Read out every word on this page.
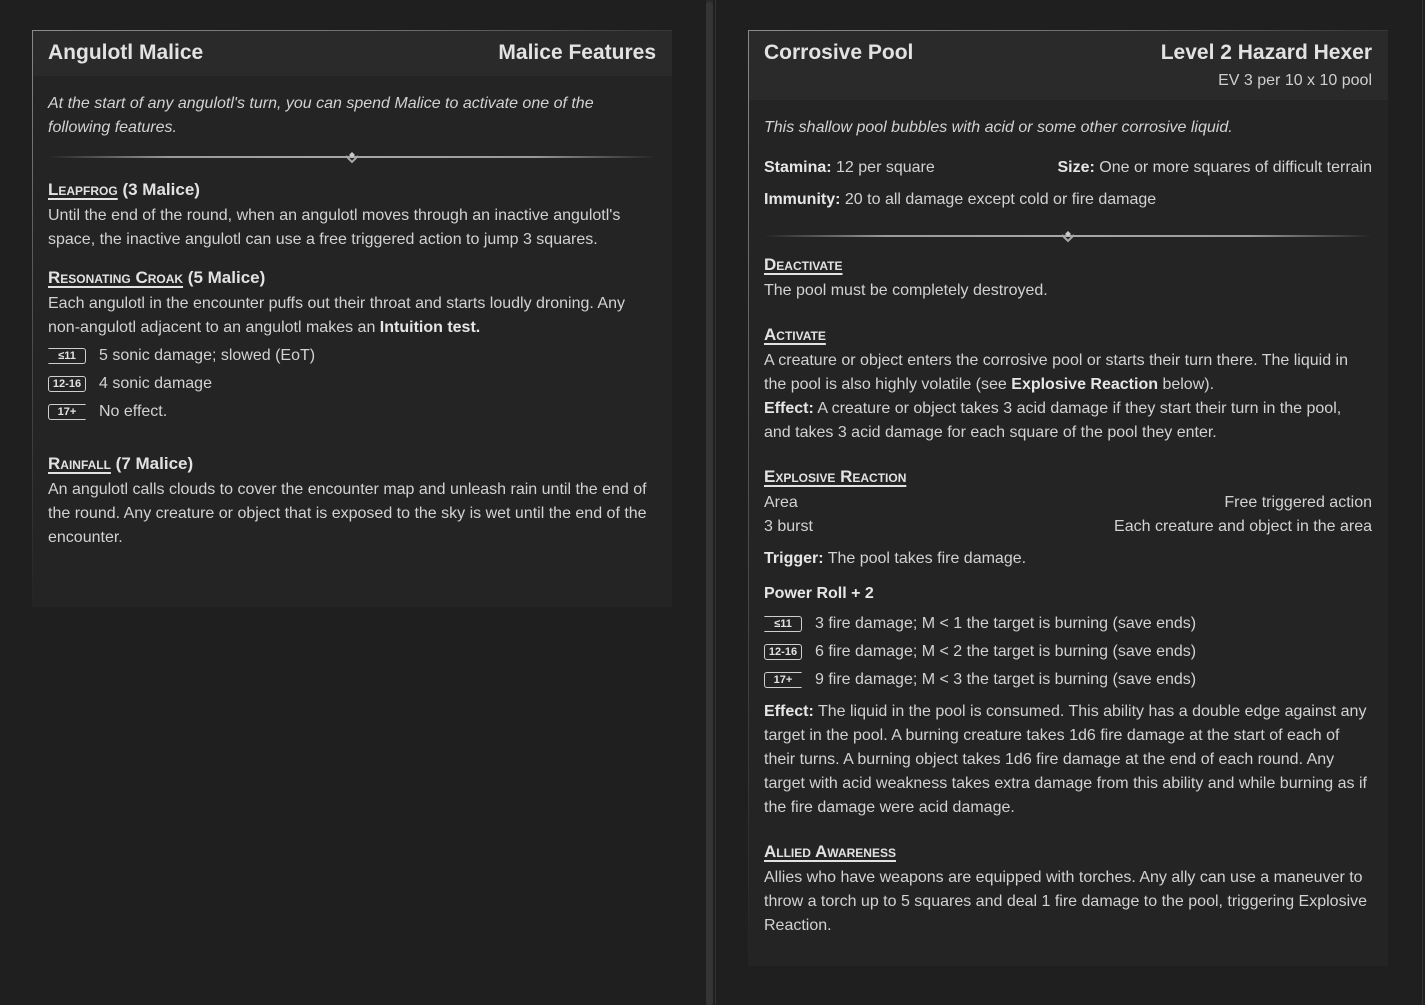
Angulotl Malice	Malice Features
At the start of any angulotl's turn, you can spend Malice to activate one of the following features.
Leapfrog (3 Malice)
Until the end of the round, when an angulotl moves through an inactive angulotl's space, the inactive angulotl can use a free triggered action to jump 3 squares.
Resonating Croak (5 Malice)
Each angulotl in the encounter puffs out their throat and starts loudly droning. Any non-angulotl adjacent to an angulotl makes an Intuition test.
≤11	5 sonic damage; slowed (EoT)
12-16	4 sonic damage
17+	No effect.
Rainfall (7 Malice)
An angulotl calls clouds to cover the encounter map and unleash rain until the end of the round. Any creature or object that is exposed to the sky is wet until the end of the encounter.
Corrosive Pool	Level 2 Hazard Hexer
EV 3 per 10 x 10 pool
This shallow pool bubbles with acid or some other corrosive liquid.
Stamina: 12 per square	Size: One or more squares of difficult terrain
Immunity: 20 to all damage except cold or fire damage
Deactivate
The pool must be completely destroyed.
Activate
A creature or object enters the corrosive pool or starts their turn there. The liquid in the pool is also highly volatile (see Explosive Reaction below).
Effect: A creature or object takes 3 acid damage if they start their turn in the pool, and takes 3 acid damage for each square of the pool they enter.
Explosive Reaction
Area	Free triggered action
3 burst	Each creature and object in the area
Trigger: The pool takes fire damage.
Power Roll + 2
≤11	3 fire damage; M < 1 the target is burning (save ends)
12-16	6 fire damage; M < 2 the target is burning (save ends)
17+	9 fire damage; M < 3 the target is burning (save ends)
Effect: The liquid in the pool is consumed. This ability has a double edge against any target in the pool. A burning creature takes 1d6 fire damage at the start of each of their turns. A burning object takes 1d6 fire damage at the end of each round. Any target with acid weakness takes extra damage from this ability and while burning as if the fire damage were acid damage.
Allied Awareness
Allies who have weapons are equipped with torches. Any ally can use a maneuver to throw a torch up to 5 squares and deal 1 fire damage to the pool, triggering Explosive Reaction.
